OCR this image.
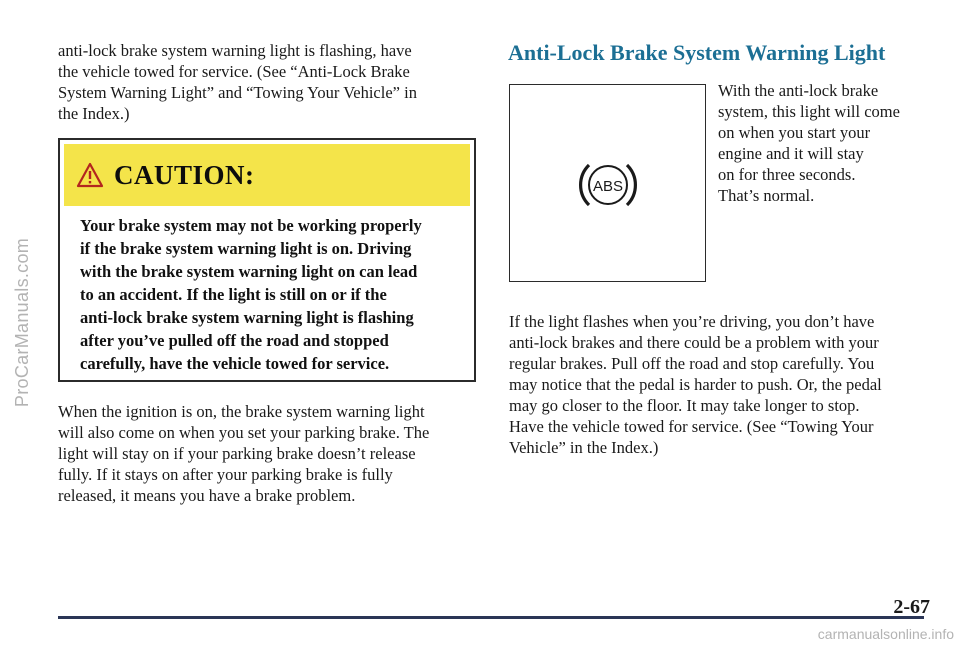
ProCarManuals.com
anti-lock brake system warning light is flashing, have
the vehicle towed for service. (See “Anti-Lock Brake
System Warning Light” and “Towing Your Vehicle” in
the Index.)
CAUTION:
Your brake system may not be working properly
if the brake system warning light is on. Driving
with the brake system warning light on can lead
to an accident. If the light is still on or if the
anti-lock brake system warning light is flashing
after you’ve pulled off the road and stopped
carefully, have the vehicle towed for service.
When the ignition is on, the brake system warning light
will also come on when you set your parking brake. The
light will stay on if your parking brake doesn’t release
fully. If it stays on after your parking brake is fully
released, it means you have a brake problem.
Anti-Lock Brake System Warning Light
ABS
With the anti-lock brake
system, this light will come
on when you start your
engine and it will stay
on for three seconds.
That’s normal.
If the light flashes when you’re driving, you don’t have
anti-lock brakes and there could be a problem with your
regular brakes. Pull off the road and stop carefully. You
may notice that the pedal is harder to push. Or, the pedal
may go closer to the floor. It may take longer to stop.
Have the vehicle towed for service. (See “Towing Your
Vehicle” in the Index.)
2-67
carmanualsonline.info
